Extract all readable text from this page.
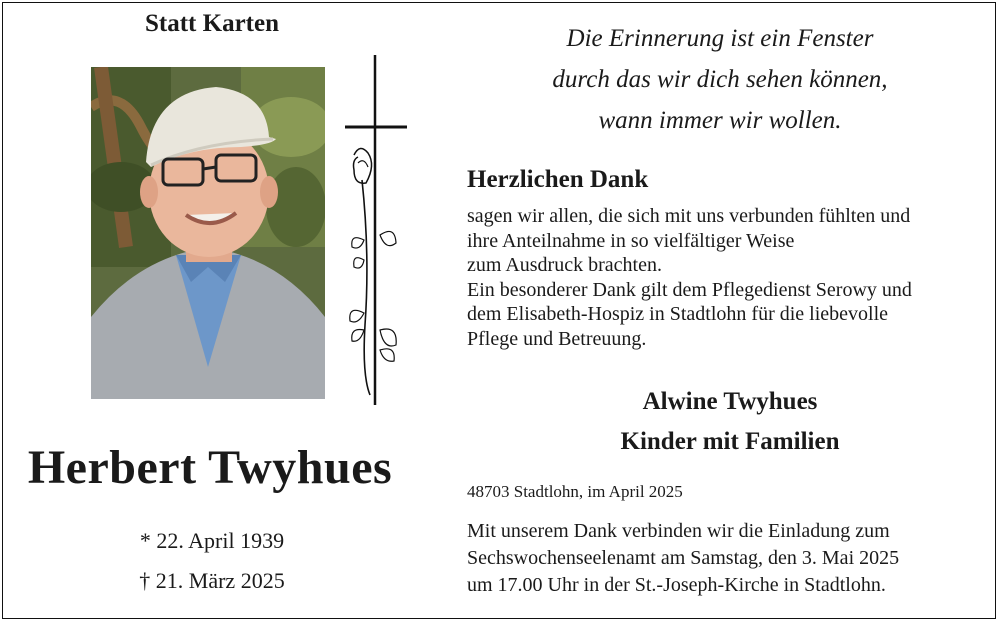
Statt Karten
Herbert Twyhues
* 22. April 1939
† 21. März 2025
Die Erinnerung ist ein Fenster
durch das wir dich sehen können,
wann immer wir wollen.
Herzlichen Dank
sagen wir allen, die sich mit uns verbunden fühlten und
ihre Anteilnahme in so vielfältiger Weise
zum Ausdruck brachten.
Ein besonderer Dank gilt dem Pflegedienst Serowy und
dem Elisabeth-Hospiz in Stadtlohn für die liebevolle
Pflege und Betreuung.
Alwine Twyhues
Kinder mit Familien
48703 Stadtlohn, im April 2025
Mit unserem Dank verbinden wir die Einladung zum
Sechswochenseelenamt am Samstag, den 3. Mai 2025
um 17.00 Uhr in der St.-Joseph-Kirche in Stadtlohn.
